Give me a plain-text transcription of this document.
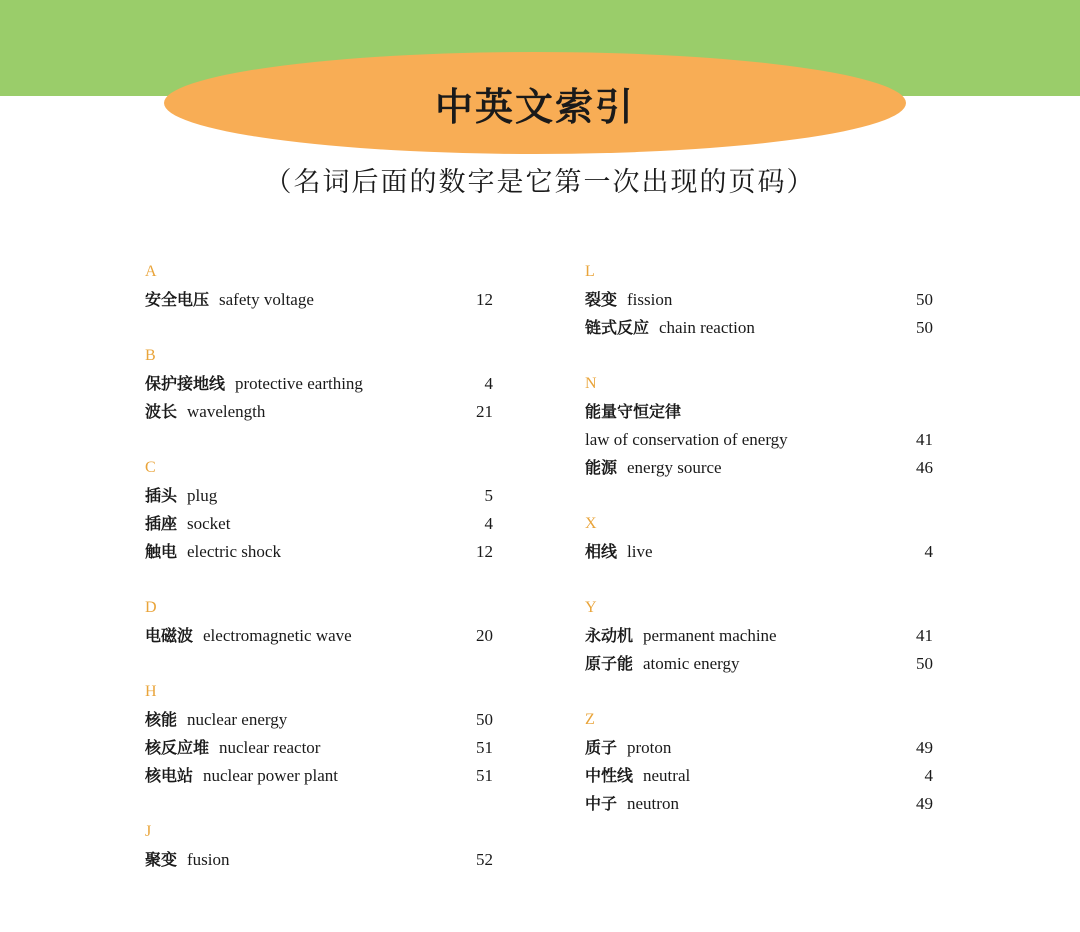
中英文索引
（名词后面的数字是它第一次出现的页码）
A
安全电压 safety voltage	12
B
保护接地线 protective earthing	4
波长 wavelength	21
C
插头 plug	5
插座 socket	4
触电 electric shock	12
D
电磁波 electromagnetic wave	20
H
核能 nuclear energy	50
核反应堆 nuclear reactor	51
核电站 nuclear power plant	51
J
聚变 fusion	52
L
裂变 fission	50
链式反应 chain reaction	50
N
能量守恒定律
law of conservation of energy	41
能源 energy source	46
X
相线 live	4
Y
永动机 permanent machine	41
原子能 atomic energy	50
Z
质子 proton	49
中性线 neutral	4
中子 neutron	49
